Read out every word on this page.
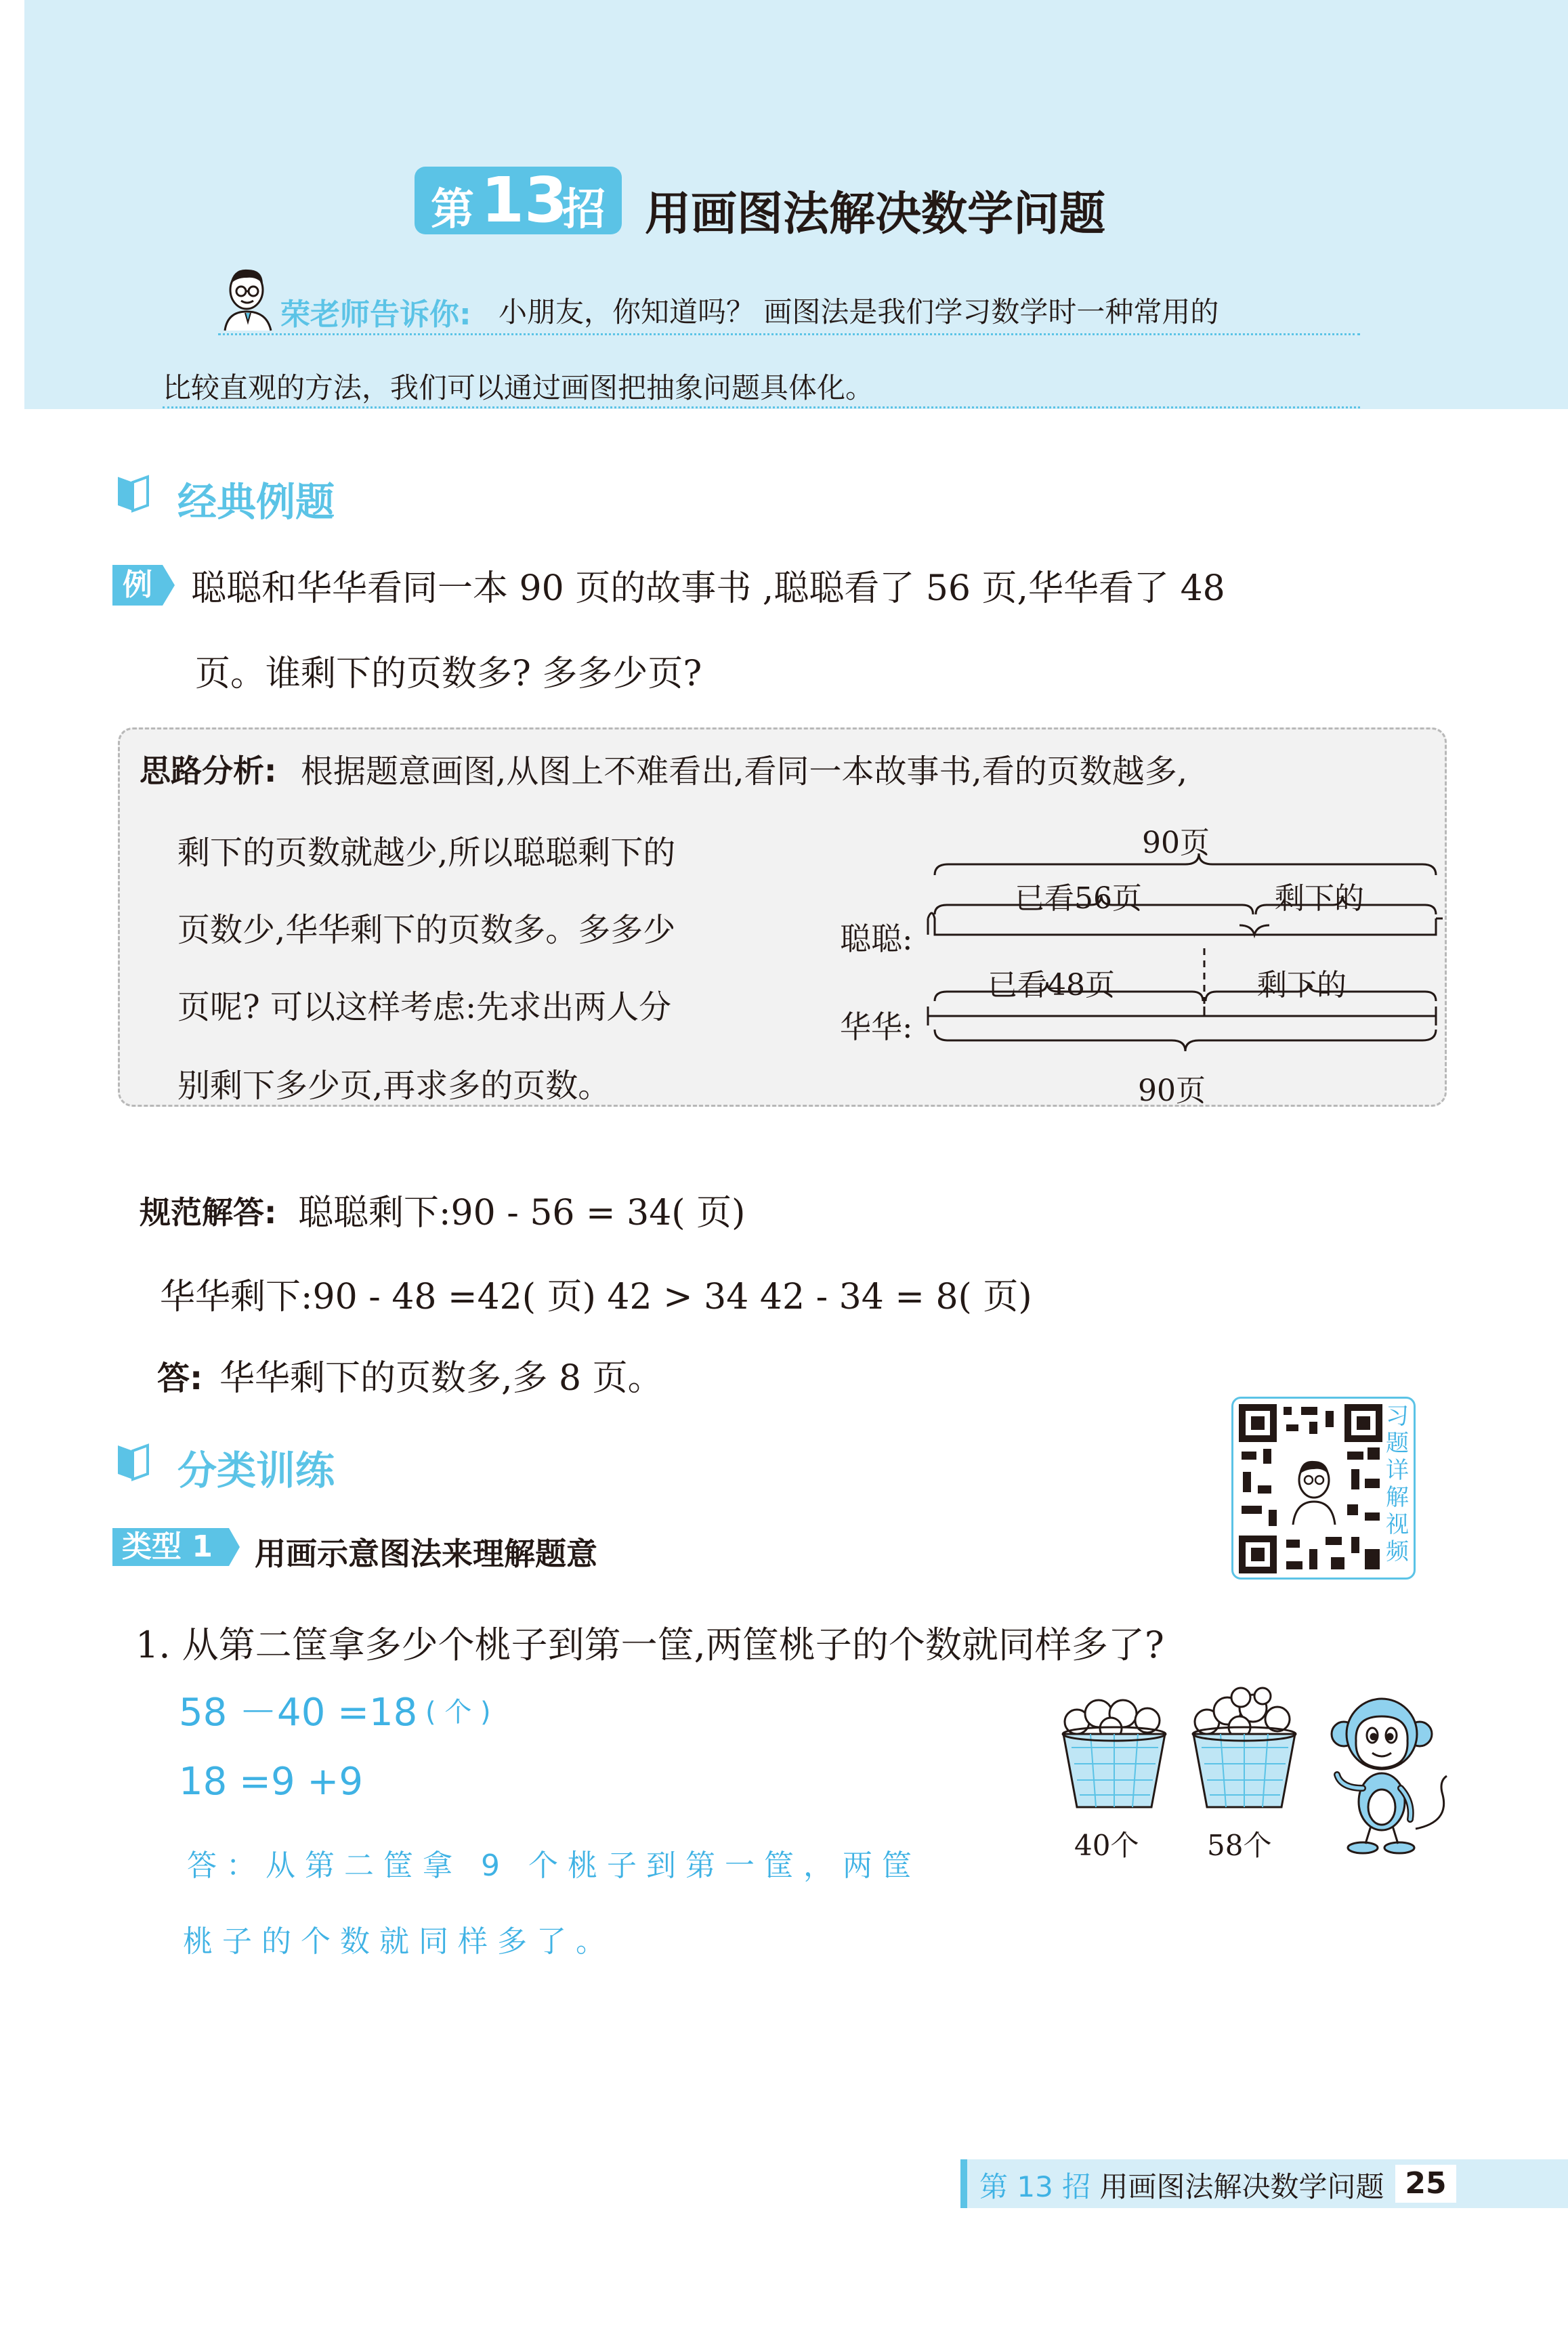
第 13
招 用画图法解决数学问题
荣老师告诉你: 小朋友，你知道吗？ 画图法是我们学习数学时一种常用的
比较直观的方法，我们可以通过画图把抽象问题具体化。
经典例题
例 聪聪和华华看同一本 90 页的故事书 ,聪聪看了 56 页,华华看了 48
页。谁剩下的页数多? 多多少页?
思路分析: 根据题意画图,从图上不难看出,看同一本故事书,看的页数越多,
剩下的页数就越少,所以聪聪剩下的
页数少,华华剩下的页数多。多多少
页呢? 可以这样考虑:先求出两人分
别剩下多少页,再求多的页数。
90页
已看56页	剩下的
聪聪:
已看48页	剩下的
华华:
90页
规范解答: 聪聪剩下:90 - 56 = 34( 页)
华华剩下:90 - 48 =42( 页) 42 > 34 42 - 34 = 8( 页)
答: 华华剩下的页数多,多 8 页。
分类训练
习题详解视频
类型 1	用画示意图法来理解题意
1. 从第二筐拿多少个桃子到第一筐,两筐桃子的个数就同样多了?
58 －40 =18 ( 个 )
18 =9 +9
答：从第二筐拿 9 个桃子到第一筐，两筐
桃子的个数就同样多了。
40个 58个
第 13 招 用画图法解决数学问题 25
